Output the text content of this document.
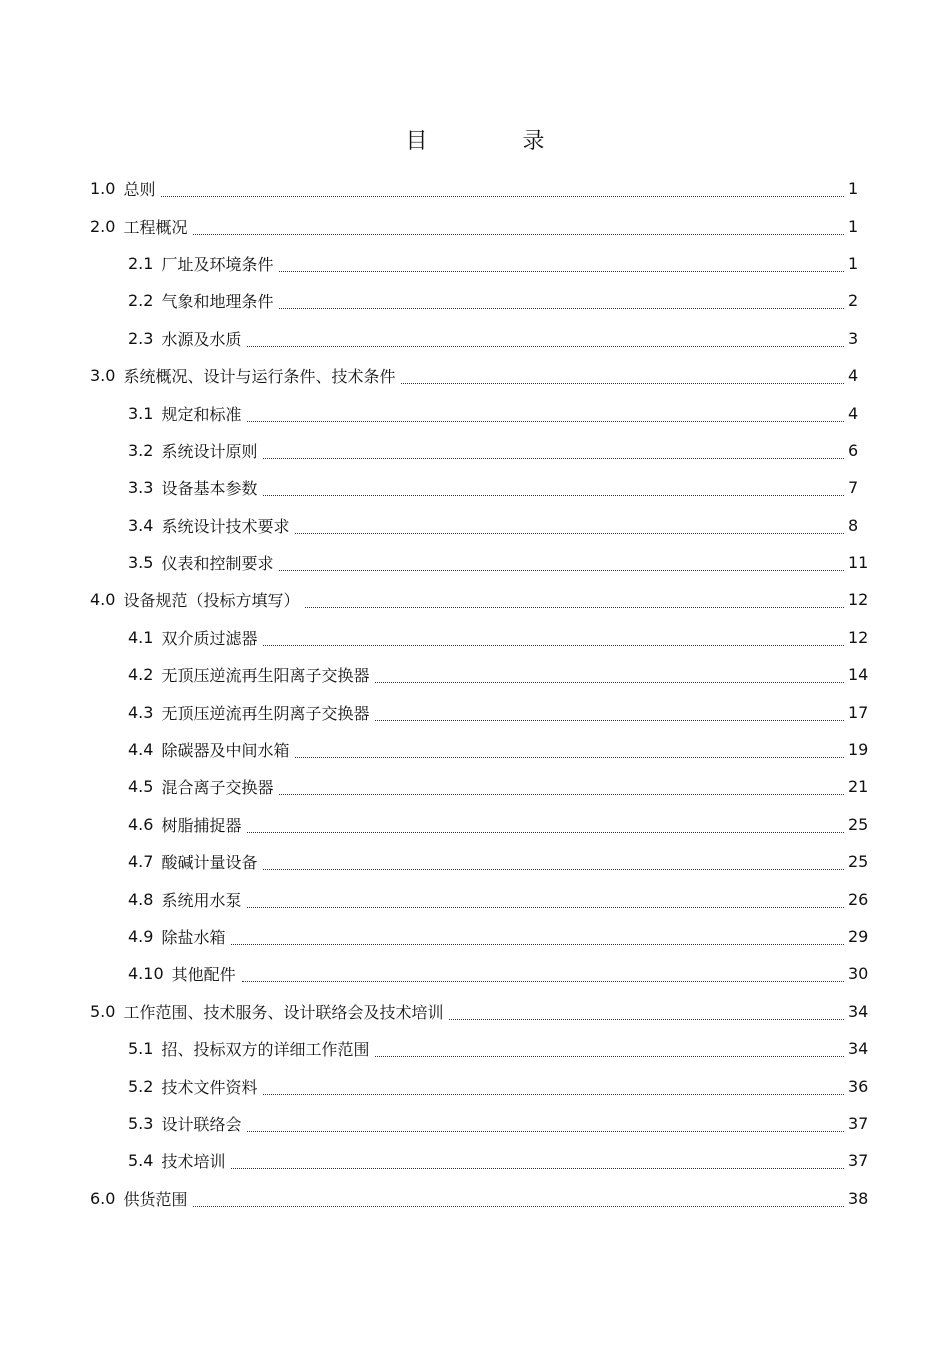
目 录
1.0 总则	1
2.0 工程概况	1
2.1 厂址及环境条件	1
2.2 气象和地理条件	2
2.3 水源及水质	3
3.0 系统概况、设计与运行条件、技术条件	4
3.1 规定和标准	4
3.2 系统设计原则	6
3.3 设备基本参数	7
3.4 系统设计技术要求	8
3.5 仪表和控制要求	11
4.0 设备规范（投标方填写）	12
4.1 双介质过滤器	12
4.2 无顶压逆流再生阳离子交换器	14
4.3 无顶压逆流再生阴离子交换器	17
4.4 除碳器及中间水箱	19
4.5 混合离子交换器	21
4.6 树脂捕捉器	25
4.7 酸碱计量设备	25
4.8 系统用水泵	26
4.9 除盐水箱	29
4.10 其他配件	30
5.0 工作范围、技术服务、设计联络会及技术培训	34
5.1 招、投标双方的详细工作范围	34
5.2 技术文件资料	36
5.3 设计联络会	37
5.4 技术培训	37
6.0 供货范围	38
